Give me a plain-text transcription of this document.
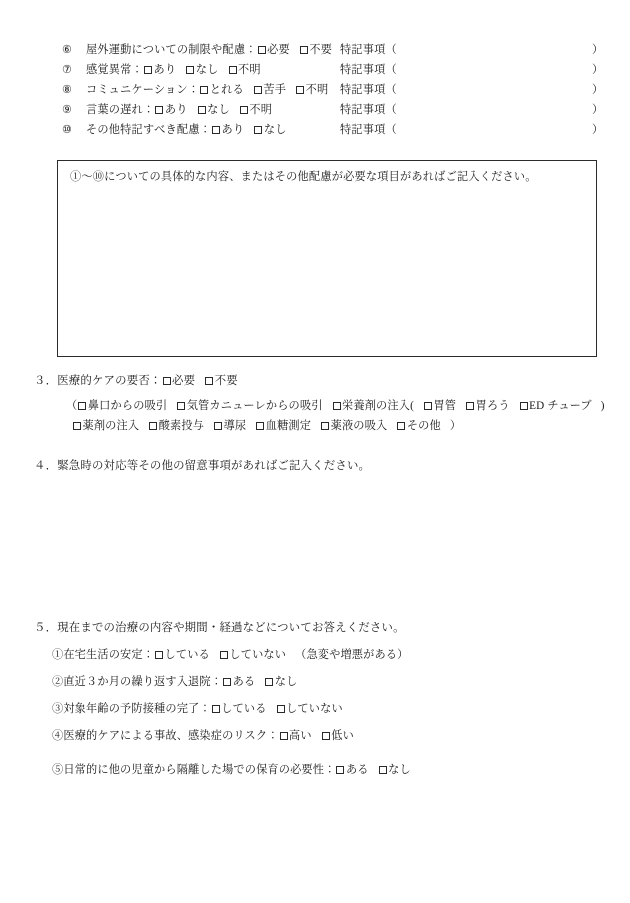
⑥	屋外運動についての制限や配慮： 必要 不要 特記事項（	）
⑦	感覚異常： あり なし 不明	特記事項（	）
⑧	コミュニケーション： とれる 苦手 不明 特記事項（	）
⑨	言葉の遅れ： あり なし 不明	特記事項（	）
⑩	その他特記すべき配慮： あり なし	特記事項（	）
①～⑩についての具体的な内容、またはその他配慮が必要な項目があればご記入ください。
３．医療的ケアの要否： 必要 不要
（ 鼻口からの吸引 気管カニューレからの吸引 栄養剤の注入( 胃管 胃ろう ED チューブ )
薬剤の注入 酸素投与 導尿 血糖測定 薬液の吸入 その他 ）
４．緊急時の対応等その他の留意事項があればご記入ください。
５．現在までの治療の内容や期間・経過などについてお答えください。
①在宅生活の安定： している していない （急変や増悪がある）
②直近３か月の繰り返す入退院： ある なし
③対象年齢の予防接種の完了： している していない
④医療的ケアによる事故、感染症のリスク： 高い 低い
⑤日常的に他の児童から隔離した場での保育の必要性： ある なし
